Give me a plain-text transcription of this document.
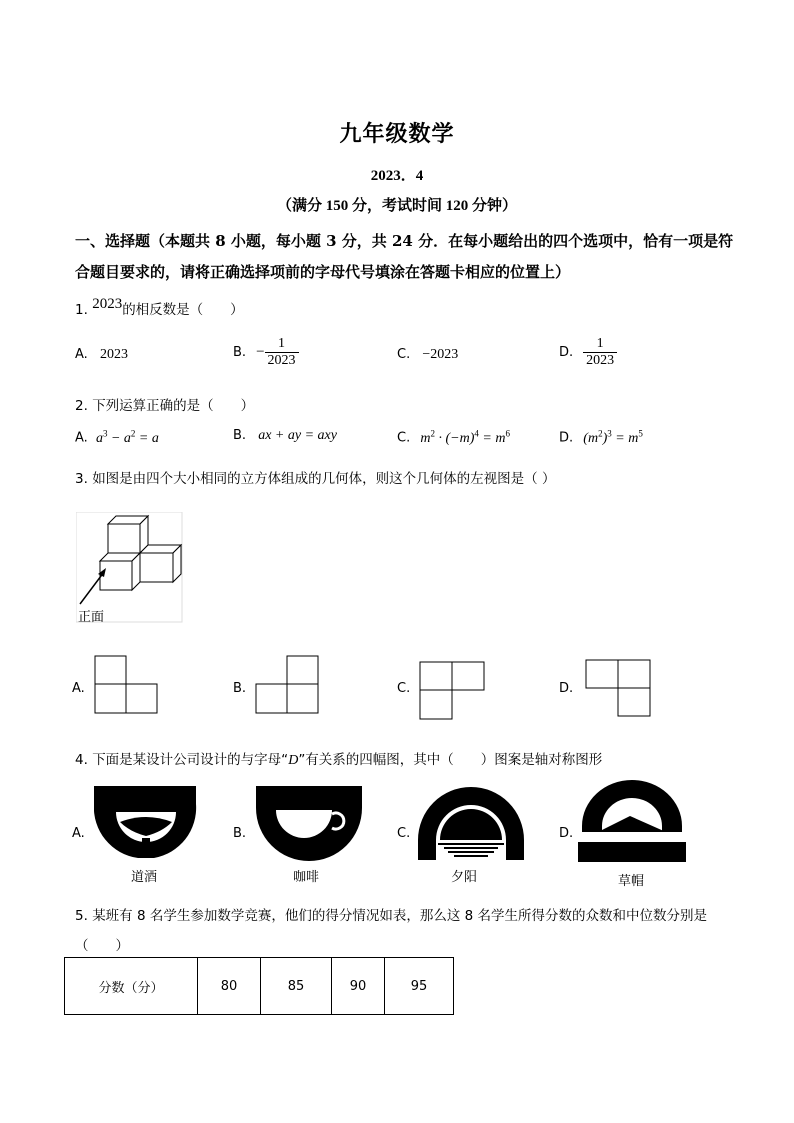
九年级数学
2023．4
（满分 150 分，考试时间 120 分钟）
一、选择题（本题共 8 小题，每小题 3 分，共 24 分．在每小题给出的四个选项中，恰有一项是符合题目要求的，请将正确选择项前的字母代号填涂在答题卡相应的位置上）
1. 2023的相反数是（　　）
A. 2023	B. − $\frac{1}{2023}$	C. −2023	D. $\frac{1}{2023}$
2. 下列运算正确的是（　　）
A. $a^3 - a^2 = a$	B. ax + ay = axy	C. $m^2 \cdot (-m)^4 = m^6$	D. $(m^2)^3 = m^5$
3. 如图是由四个大小相同的立方体组成的几何体，则这个几何体的左视图是（ ）
正面
A.	B.	C.	D.
4. 下面是某设计公司设计的与字母“D”有关系的四幅图，其中（　　）图案是轴对称图形
A.
道酒
B.
咖啡
C.
夕阳
D.
草帽
5. 某班有 8 名学生参加数学竞赛，他们的得分情况如表，那么这 8 名学生所得分数的众数和中位数分别是
（　　）
分数（分）	80	85	90	95
